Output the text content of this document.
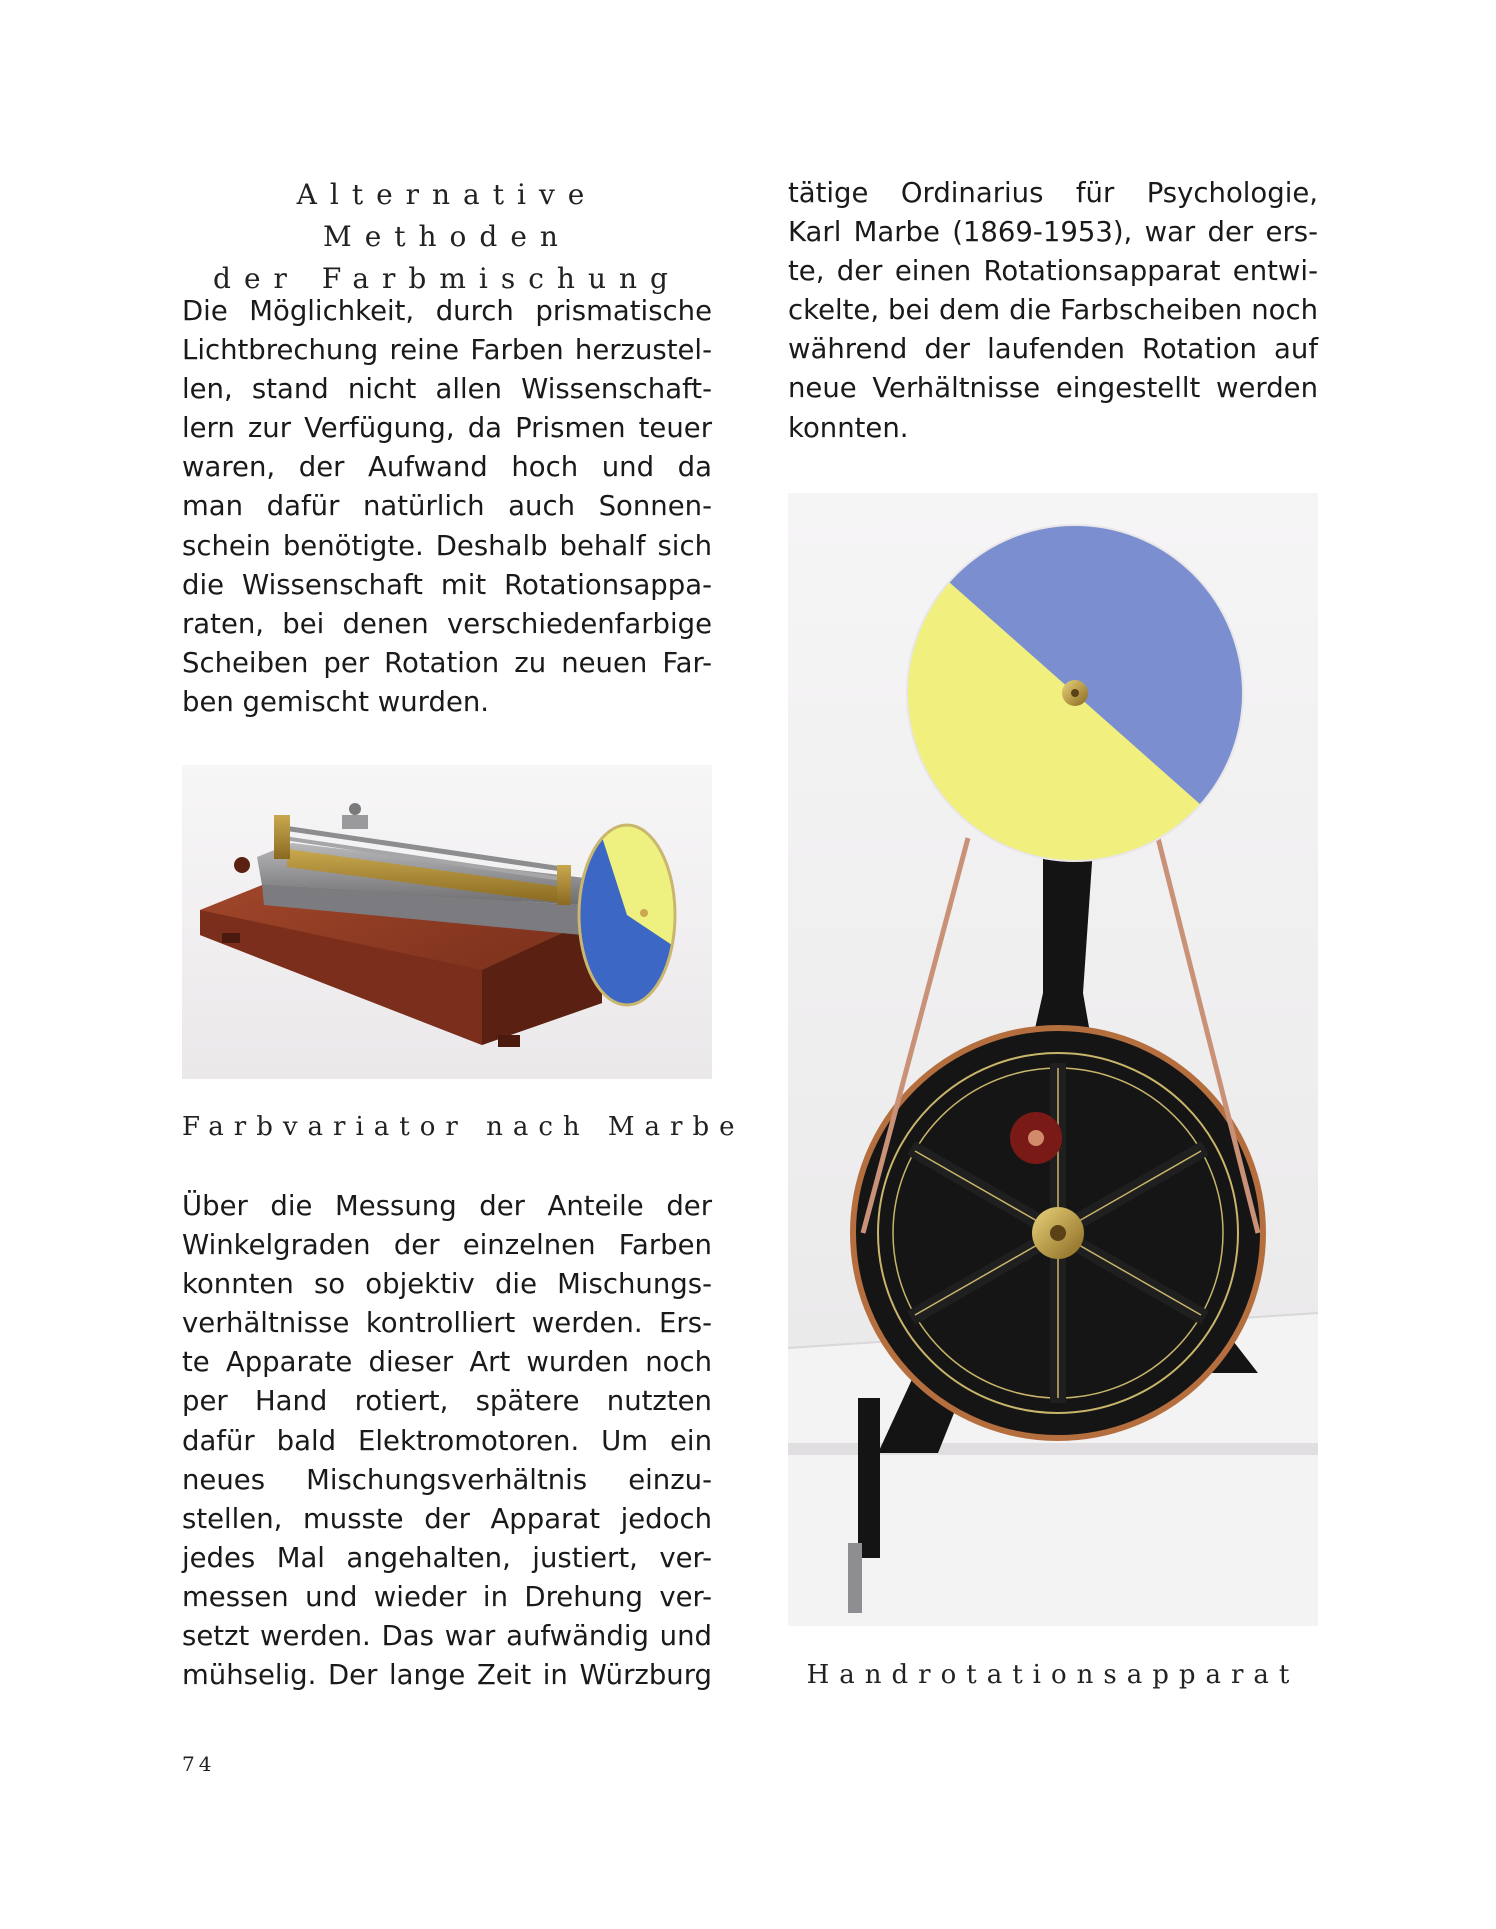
Alternative Methoden
der Farbmischung

Die Möglichkeit, durch prismatische
Lichtbrechung reine Farben herzustel-
len, stand nicht allen Wissenschaft-
lern zur Verfügung, da Prismen teuer
waren, der Aufwand hoch und da
man dafür natürlich auch Sonnen-
schein benötigte. Deshalb behalf sich
die Wissenschaft mit Rotationsappa-
raten, bei denen verschiedenfarbige
Scheiben per Rotation zu neuen Far-
ben gemischt wurden.

Farbvariator nach Marbe

Über die Messung der Anteile der
Winkelgraden der einzelnen Farben
konnten so objektiv die Mischungs-
verhältnisse kontrolliert werden. Ers-
te Apparate dieser Art wurden noch
per Hand rotiert, spätere nutzten
dafür bald Elektromotoren. Um ein
neues Mischungsverhältnis einzu-
stellen, musste der Apparat jedoch
jedes Mal angehalten, justiert, ver-
messen und wieder in Drehung ver-
setzt werden. Das war aufwändig und
mühselig. Der lange Zeit in Würzburg

tätige Ordinarius für Psychologie,
Karl Marbe (1869-1953), war der ers-
te, der einen Rotationsapparat entwi-
ckelte, bei dem die Farbscheiben noch
während der laufenden Rotation auf
neue Verhältnisse eingestellt werden
konnten.

Handrotationsapparat

74
